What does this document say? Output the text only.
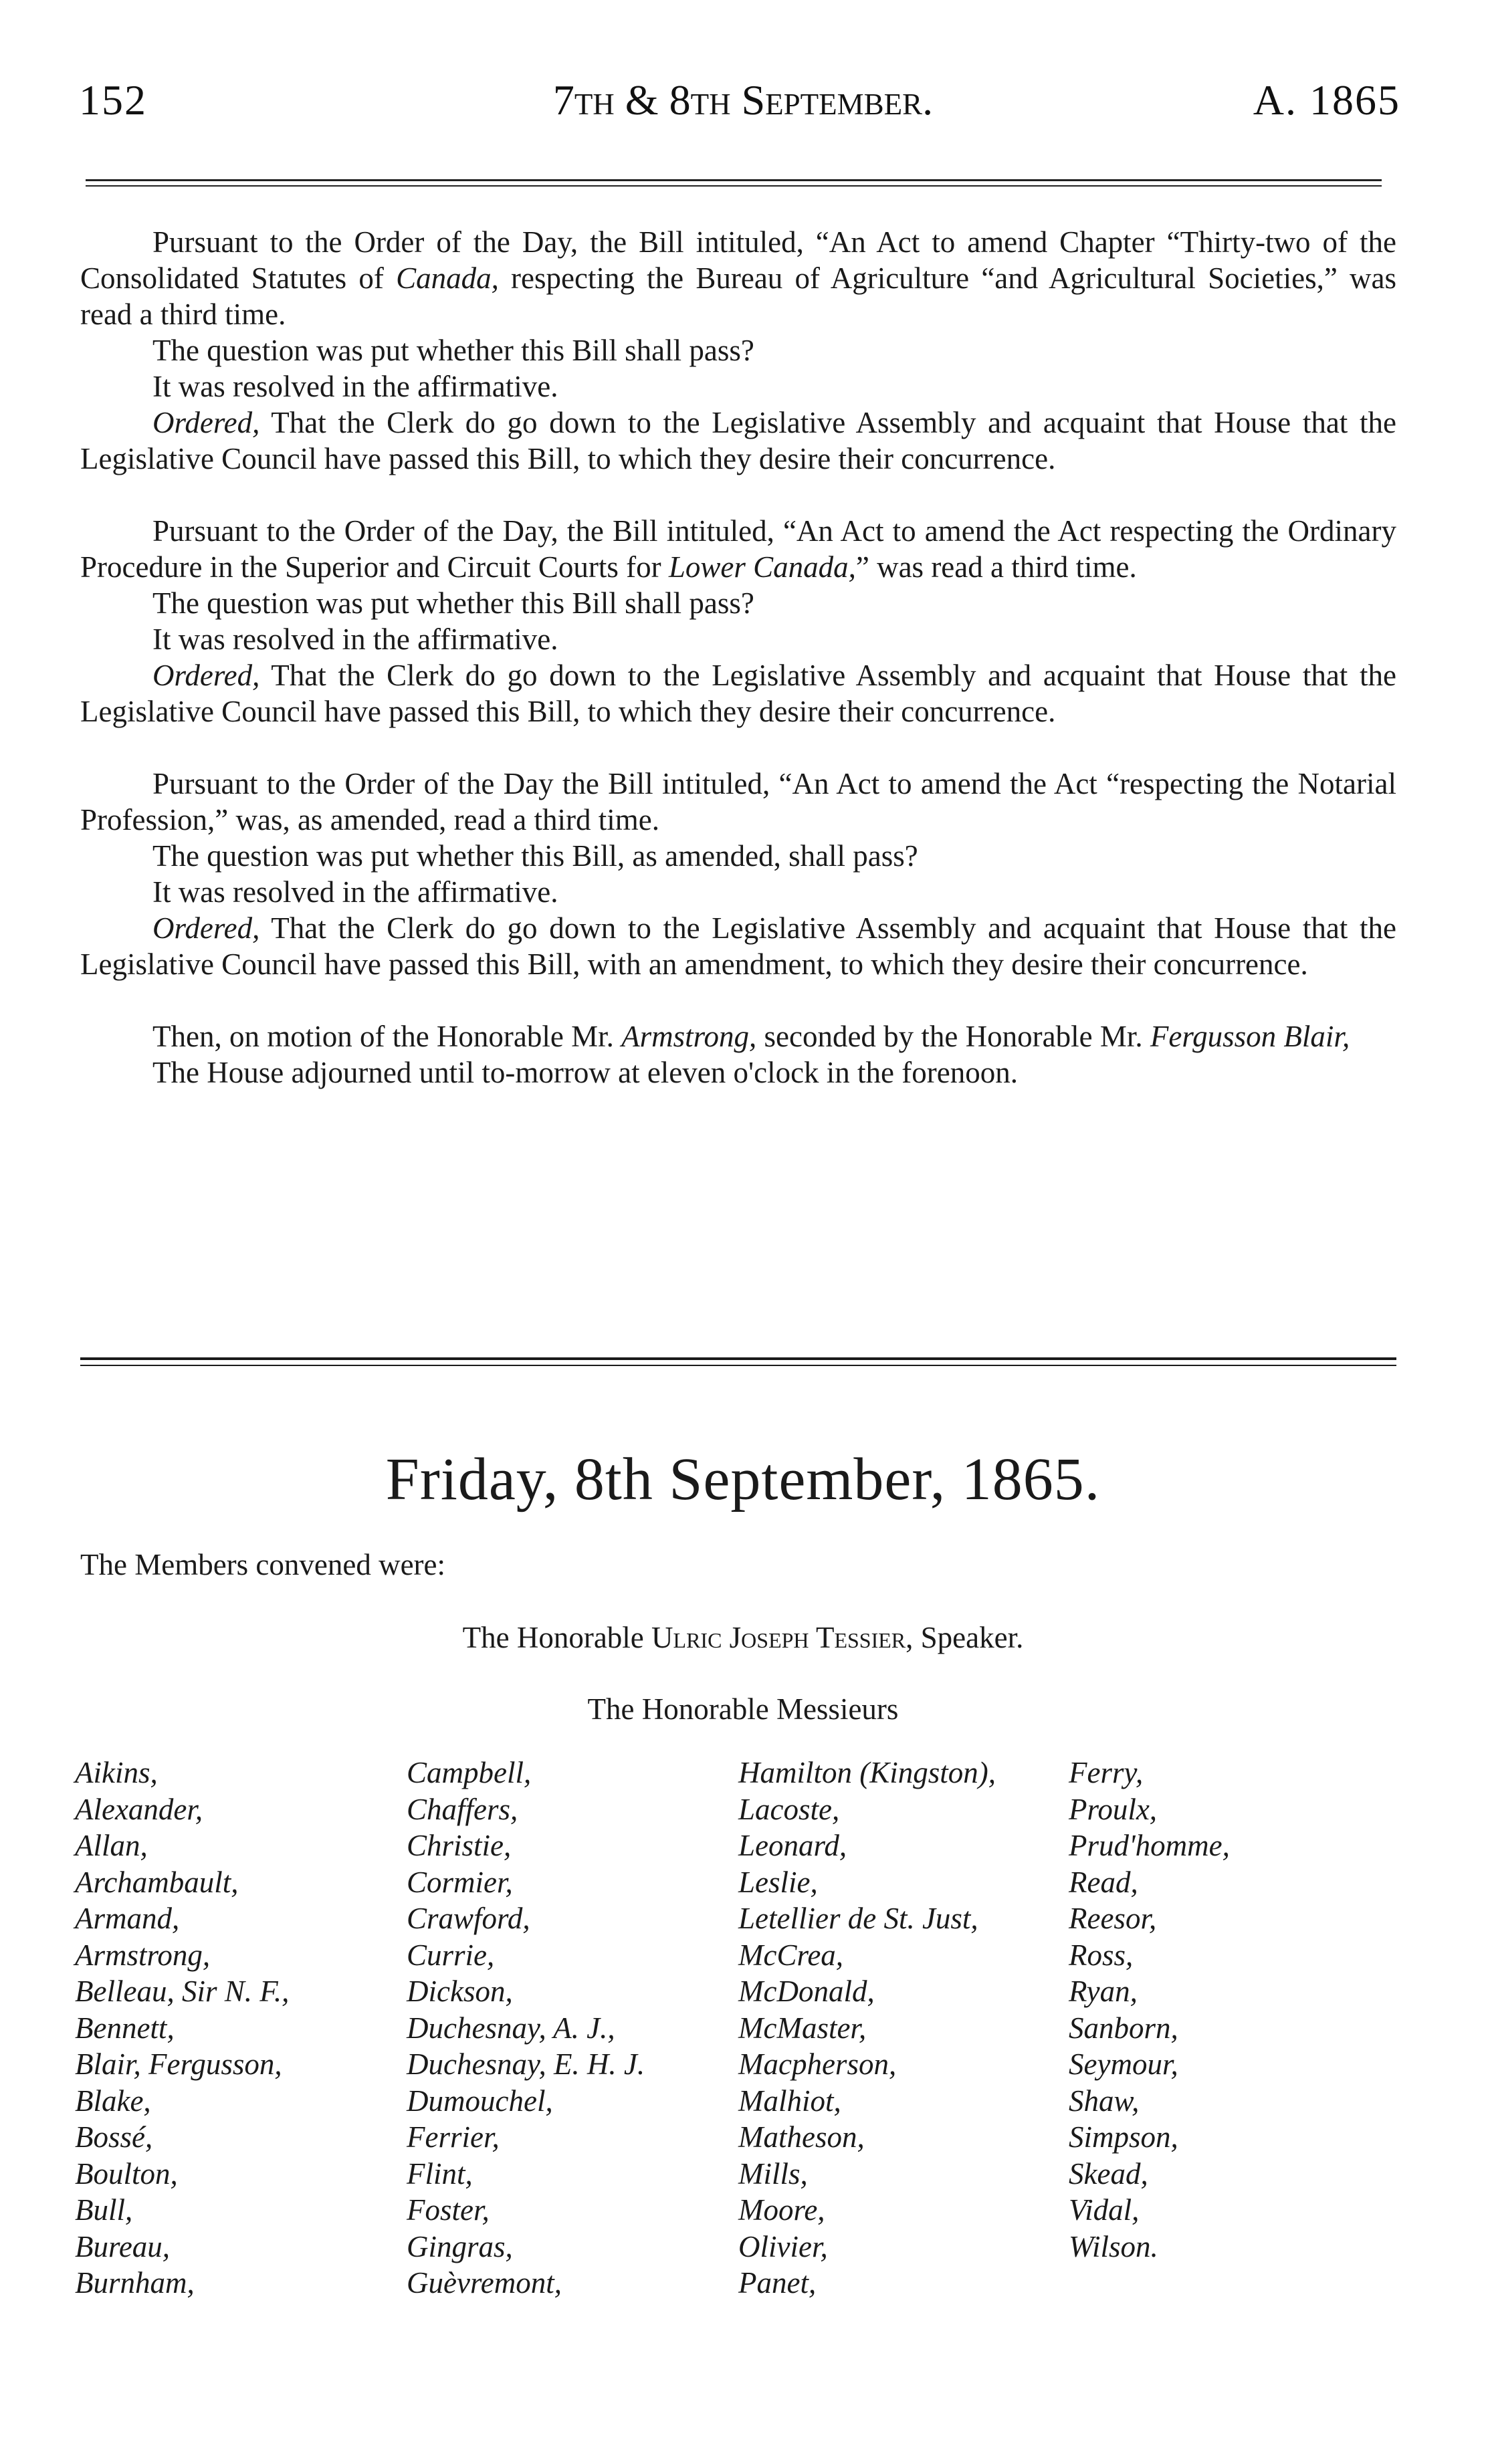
152	7th & 8th September.	A. 1865

Pursuant to the Order of the Day, the Bill intituled, “An Act to amend Chapter “Thirty-two of the Consolidated Statutes of Canada, respecting the Bureau of Agriculture “and Agricultural Societies,” was read a third time.

The question was put whether this Bill shall pass?

It was resolved in the affirmative.

Ordered, That the Clerk do go down to the Legislative Assembly and acquaint that House that the Legislative Council have passed this Bill, to which they desire their concurrence.

Pursuant to the Order of the Day, the Bill intituled, “An Act to amend the Act respecting the Ordinary Procedure in the Superior and Circuit Courts for Lower Canada,” was read a third time.

The question was put whether this Bill shall pass?

It was resolved in the affirmative.

Ordered, That the Clerk do go down to the Legislative Assembly and acquaint that House that the Legislative Council have passed this Bill, to which they desire their concurrence.

Pursuant to the Order of the Day the Bill intituled, “An Act to amend the Act “respecting the Notarial Profession,” was, as amended, read a third time.

The question was put whether this Bill, as amended, shall pass?

It was resolved in the affirmative.

Ordered, That the Clerk do go down to the Legislative Assembly and acquaint that House that the Legislative Council have passed this Bill, with an amendment, to which they desire their concurrence.

Then, on motion of the Honorable Mr. Armstrong, seconded by the Honorable Mr. Fergusson Blair,

The House adjourned until to-morrow at eleven o'clock in the forenoon.

Friday, 8th September, 1865.
The Members convened were:
The Honorable Ulric Joseph Tessier, Speaker.
The Honorable Messieurs
Aikins,
Alexander,
Allan,
Archambault,
Armand,
Armstrong,
Belleau, Sir N. F.,
Bennett,
Blair, Fergusson,
Blake,
Bossé,
Boulton,
Bull,
Bureau,
Burnham,
Campbell,
Chaffers,
Christie,
Cormier,
Crawford,
Currie,
Dickson,
Duchesnay, A. J.,
Duchesnay, E. H. J.
Dumouchel,
Ferrier,
Flint,
Foster,
Gingras,
Guèvremont,
Hamilton (Kingston),
Lacoste,
Leonard,
Leslie,
Letellier de St. Just,
McCrea,
McDonald,
McMaster,
Macpherson,
Malhiot,
Matheson,
Mills,
Moore,
Olivier,
Panet,
Ferry,
Proulx,
Prud'homme,
Read,
Reesor,
Ross,
Ryan,
Sanborn,
Seymour,
Shaw,
Simpson,
Skead,
Vidal,
Wilson.
